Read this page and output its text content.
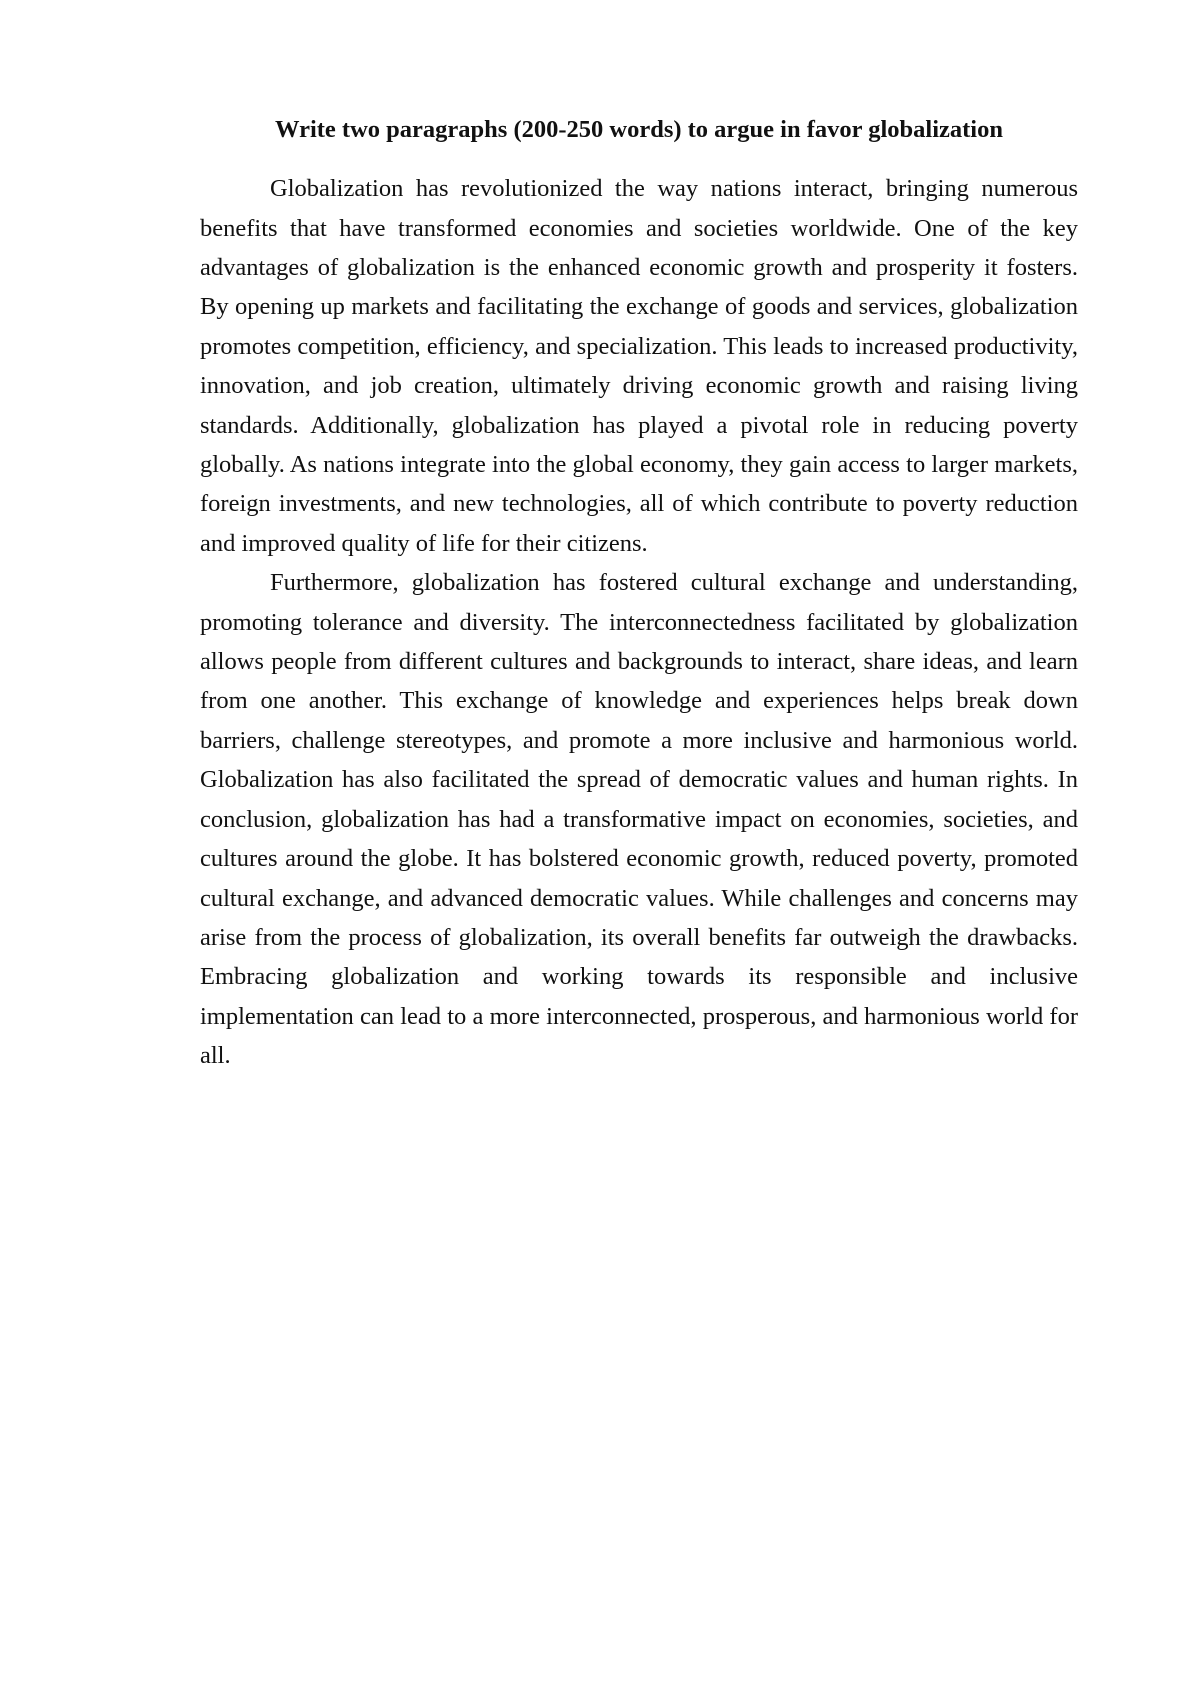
Write two paragraphs (200-250 words) to argue in favor globalization

Globalization has revolutionized the way nations interact, bringing numerous benefits that have transformed economies and societies worldwide. One of the key advantages of globalization is the enhanced economic growth and prosperity it fosters. By opening up markets and facilitating the exchange of goods and services, globalization promotes competition, efficiency, and specialization. This leads to increased productivity, innovation, and job creation, ultimately driving economic growth and raising living standards. Additionally, globalization has played a pivotal role in reducing poverty globally. As nations integrate into the global economy, they gain access to larger markets, foreign investments, and new technologies, all of which contribute to poverty reduction and improved quality of life for their citizens.

Furthermore, globalization has fostered cultural exchange and understanding, promoting tolerance and diversity. The interconnectedness facilitated by globalization allows people from different cultures and backgrounds to interact, share ideas, and learn from one another. This exchange of knowledge and experiences helps break down barriers, challenge stereotypes, and promote a more inclusive and harmonious world. Globalization has also facilitated the spread of democratic values and human rights. In conclusion, globalization has had a transformative impact on economies, societies, and cultures around the globe. It has bolstered economic growth, reduced poverty, promoted cultural exchange, and advanced democratic values. While challenges and concerns may arise from the process of globalization, its overall benefits far outweigh the drawbacks. Embracing globalization and working towards its responsible and inclusive implementation can lead to a more interconnected, prosperous, and harmonious world for all.
